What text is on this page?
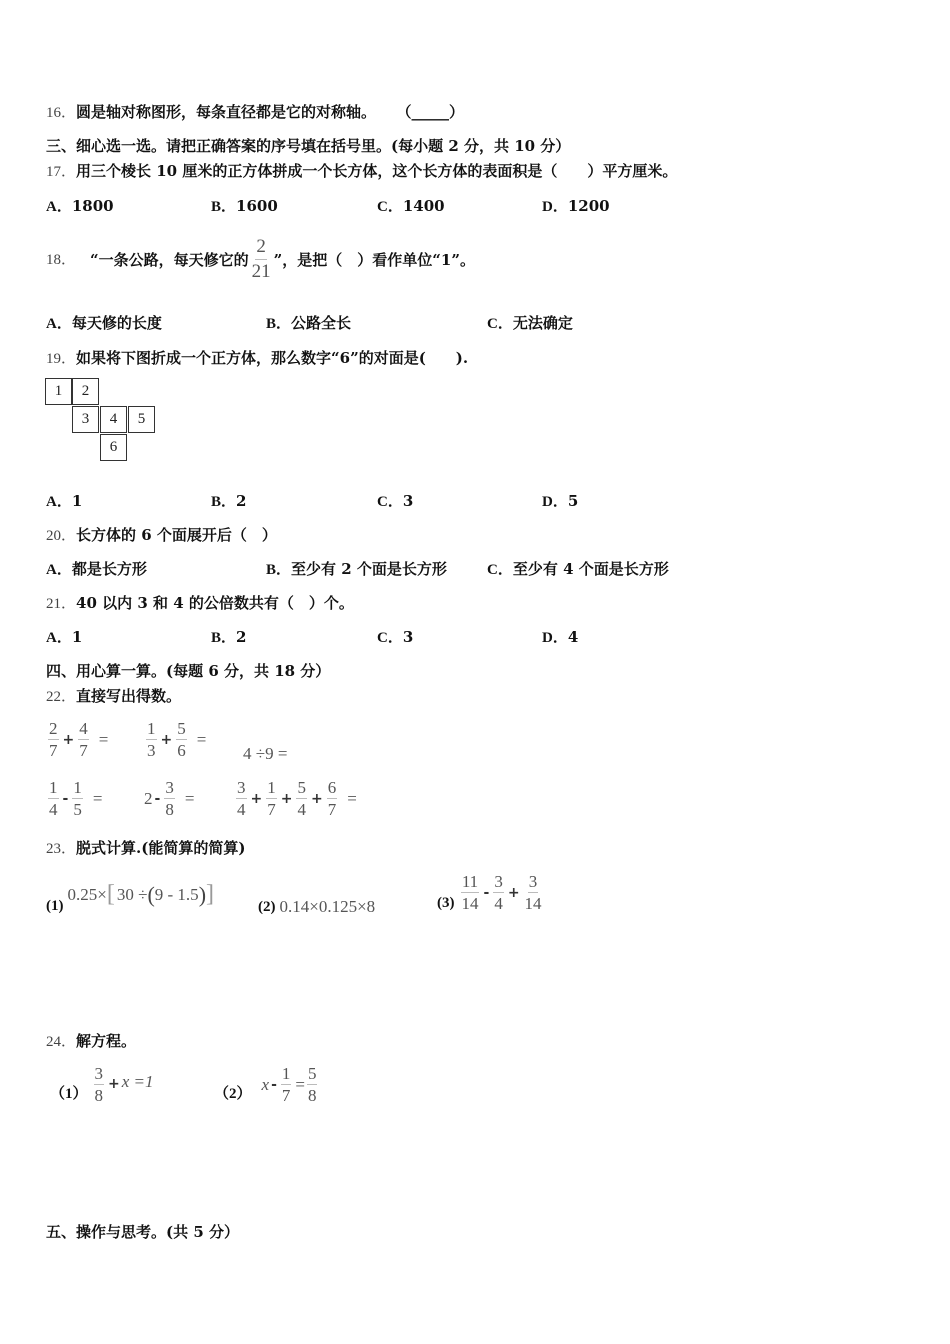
16．圆是轴对称图形，每条直径都是它的对称轴。 （_____）
三、细心选一选。请把正确答案的序号填在括号里。(每小题 2 分，共 10 分）
17．用三个棱长 10 厘米的正方体拼成一个长方体，这个长方体的表面积是（　　）平方厘米。
A．1800	B．1600	C．1400	D．1200
18． “一条公路，每天修它的 $\frac{2}{21}$ ”，是把（　）看作单位“1”。
A．每天修的长度	B．公路全长	C．无法确定
19．如果将下图折成一个正方体，那么数字“6”的对面是(　　).
1	2
3	4	5
6
A．1	B．2	C．3	D．5
20．长方体的 6 个面展开后（　）
A．都是长方形	B．至少有 2 个面是长方形	C．至少有 4 个面是长方形
21．40 以内 3 和 4 的公倍数共有（　）个。
A．1	B．2	C．3	D．4
四、用心算一算。(每题 6 分，共 18 分）
22．直接写出得数。
$\frac{2}{7} + \frac{4}{7} = \frac{1}{3} + \frac{5}{6}$ =
4 ÷9 =
$\frac{1}{4} - \frac{1}{5} = 2 - \frac{3}{8} = \frac{3}{4} + \frac{1}{7} + \frac{5}{4} + \frac{6}{7}$ =
23．脱式计算.(能简算的简算)
(1)
0.25× [ 30 ÷ ( 9 - 1.5 ) ]	(2) 0.14×0.125×8	$(3) \frac{11}{14} - \frac{3}{4} + \frac{3}{14}$
24．解方程。
$(1) \frac{3}{8} + x =1$
（2）
$x - \frac{1}{7} = \frac{5}{8}$
五、操作与思考。(共 5 分）
